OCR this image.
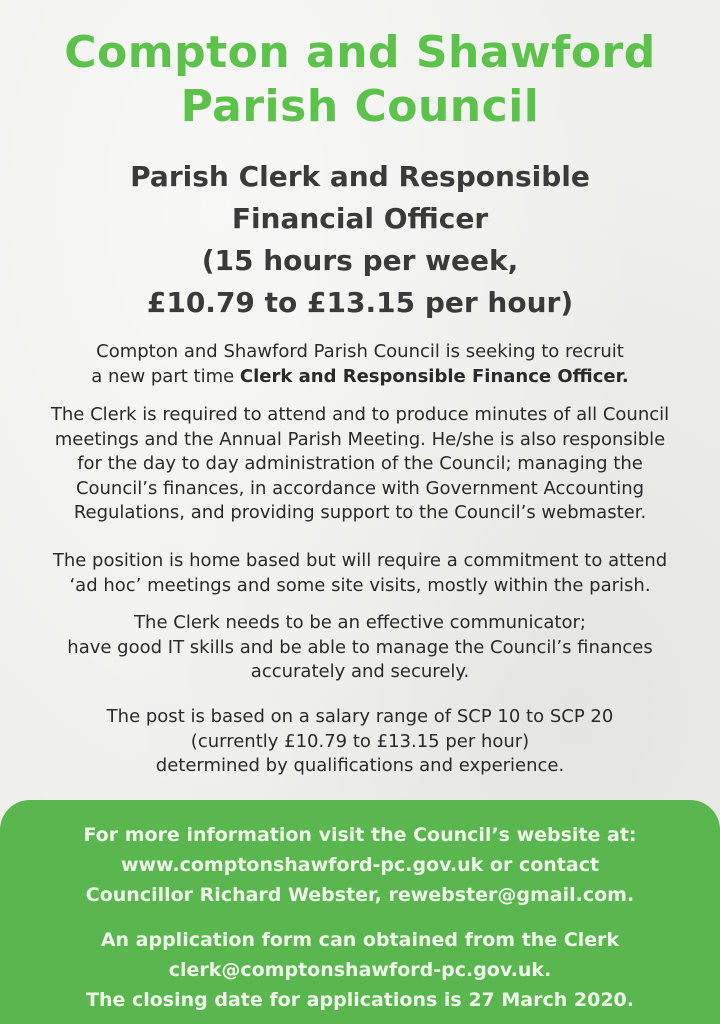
Compton and Shawford
Parish Council
Parish Clerk and Responsible
Financial Officer
(15 hours per week,
£10.79 to £13.15 per hour)
Compton and Shawford Parish Council is seeking to recruit
a new part time Clerk and Responsible Finance Officer.
The Clerk is required to attend and to produce minutes of all Council
meetings and the Annual Parish Meeting. He/she is also responsible
for the day to day administration of the Council; managing the
Council’s finances, in accordance with Government Accounting
Regulations, and providing support to the Council’s webmaster.
The position is home based but will require a commitment to attend
‘ad hoc’ meetings and some site visits, mostly within the parish.
The Clerk needs to be an effective communicator;
have good IT skills and be able to manage the Council’s finances
accurately and securely.
The post is based on a salary range of SCP 10 to SCP 20
(currently £10.79 to £13.15 per hour)
determined by qualifications and experience.
For more information visit the Council’s website at:
www.comptonshawford-pc.gov.uk or contact
Councillor Richard Webster, rewebster@gmail.com.
An application form can obtained from the Clerk
clerk@comptonshawford-pc.gov.uk.
The closing date for applications is 27 March 2020.
